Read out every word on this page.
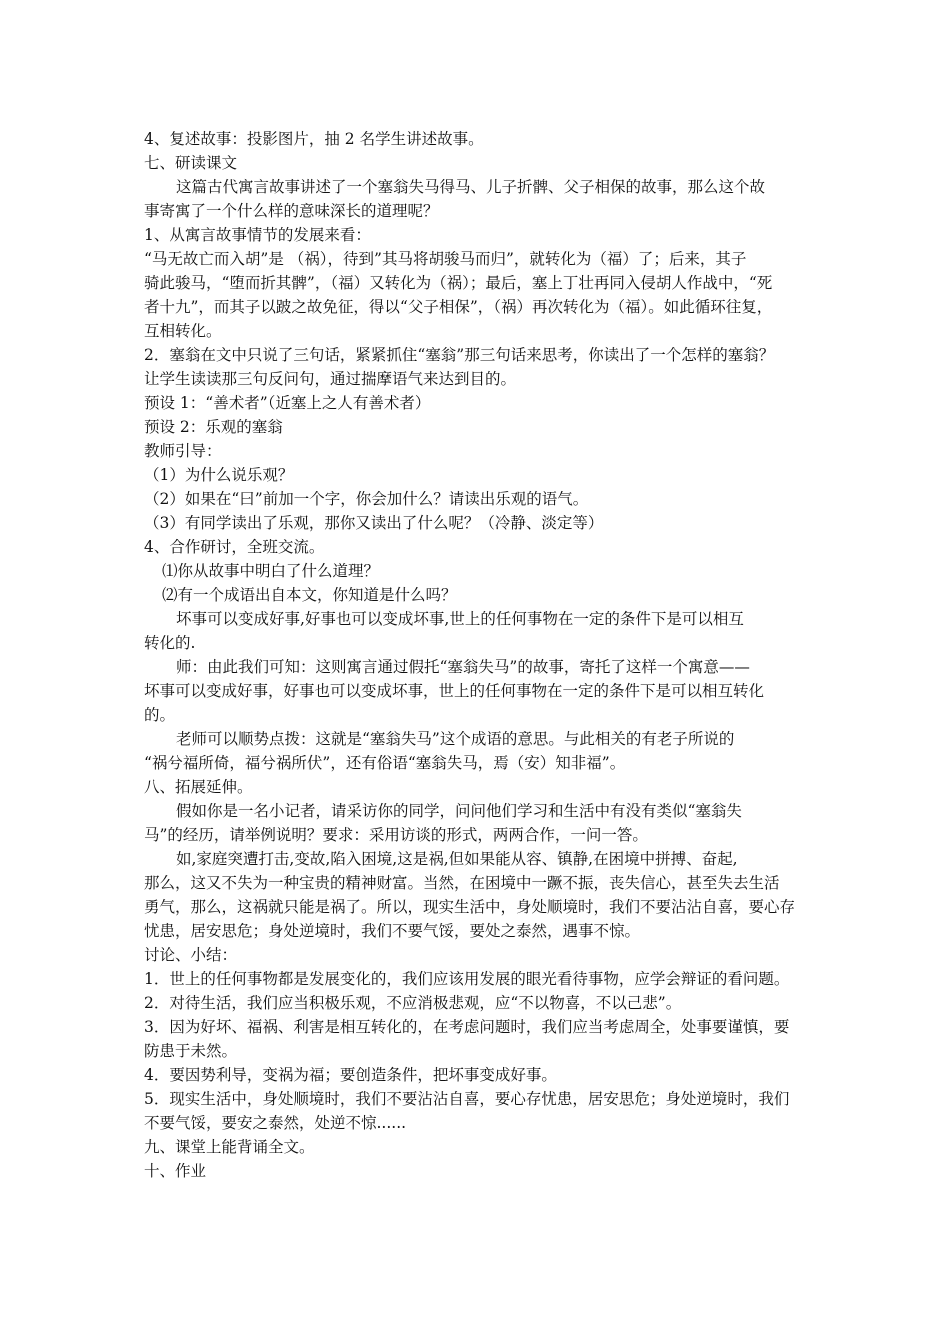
4、复述故事：投影图片，抽 2 名学生讲述故事。
七、研读课文
这篇古代寓言故事讲述了一个塞翁失马得马、儿子折髀、父子相保的故事，那么这个故
事寄寓了一个什么样的意味深长的道理呢？
1、从寓言故事情节的发展来看：
“马无故亡而入胡”是 （祸），待到”其马将胡骏马而归”，就转化为（福）了；后来，其子
骑此骏马，“堕而折其髀”，（福）又转化为（祸）；最后，塞上丁壮再同入侵胡人作战中，“死
者十九”，而其子以跛之故免征，得以“父子相保”，（祸）再次转化为（福）。如此循环往复，
互相转化。
2．塞翁在文中只说了三句话，紧紧抓住“塞翁”那三句话来思考，你读出了一个怎样的塞翁？
让学生读读那三句反问句，通过揣摩语气来达到目的。
预设 1：“善术者”（近塞上之人有善术者）
预设 2：乐观的塞翁
教师引导：
（1）为什么说乐观？
（2）如果在“曰”前加一个字，你会加什么？请读出乐观的语气。
（3）有同学读出了乐观，那你又读出了什么呢？（冷静、淡定等）
4、合作研讨，全班交流。
⑴你从故事中明白了什么道理？
⑵有一个成语出自本文，你知道是什么吗？
坏事可以变成好事,好事也可以变成坏事,世上的任何事物在一定的条件下是可以相互
转化的.
师：由此我们可知：这则寓言通过假托“塞翁失马”的故事，寄托了这样一个寓意——
坏事可以变成好事，好事也可以变成坏事，世上的任何事物在一定的条件下是可以相互转化
的。
老师可以顺势点拨：这就是“塞翁失马”这个成语的意思。与此相关的有老子所说的
“祸兮福所倚，福兮祸所伏”，还有俗语“塞翁失马，焉（安）知非福”。
八、拓展延伸。
假如你是一名小记者，请采访你的同学，问问他们学习和生活中有没有类似“塞翁失
马”的经历，请举例说明？要求：采用访谈的形式，两两合作，一问一答。
如,家庭突遭打击,变故,陷入困境,这是祸,但如果能从容、镇静,在困境中拼搏、奋起,
那么，这又不失为一种宝贵的精神财富。当然，在困境中一蹶不振，丧失信心，甚至失去生活
勇气，那么，这祸就只能是祸了。所以，现实生活中，身处顺境时，我们不要沾沾自喜，要心存
忧患，居安思危；身处逆境时，我们不要气馁，要处之泰然，遇事不惊。
讨论、小结：
1．世上的任何事物都是发展变化的，我们应该用发展的眼光看待事物，应学会辩证的看问题。
2．对待生活，我们应当积极乐观，不应消极悲观，应“不以物喜，不以己悲”。
3．因为好坏、福祸、利害是相互转化的，在考虑问题时，我们应当考虑周全，处事要谨慎，要
防患于未然。
4．要因势利导，变祸为福；要创造条件，把坏事变成好事。
5．现实生活中，身处顺境时，我们不要沾沾自喜，要心存忧患，居安思危；身处逆境时，我们
不要气馁，要安之泰然，处逆不惊......
九、课堂上能背诵全文。
十、作业
